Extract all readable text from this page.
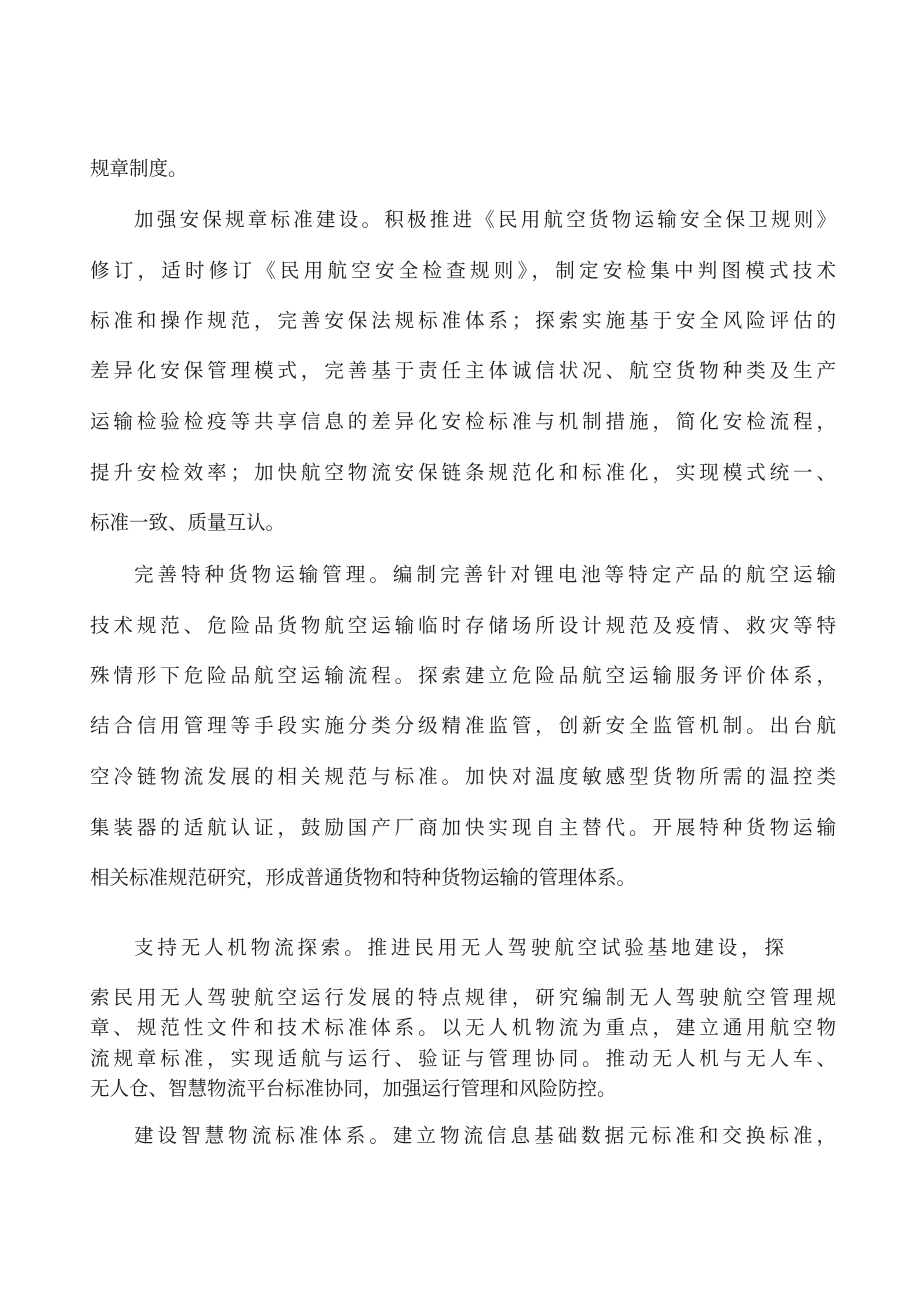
规章制度。
加强安保规章标准建设。积极推进《民用航空货物运输安全保卫规则》
修订，适时修订《民用航空安全检查规则》，制定安检集中判图模式技术
标准和操作规范，完善安保法规标准体系；探索实施基于安全风险评估的
差异化安保管理模式，完善基于责任主体诚信状况、航空货物种类及生产
运输检验检疫等共享信息的差异化安检标准与机制措施，简化安检流程，
提升安检效率；加快航空物流安保链条规范化和标准化，实现模式统一、
标准一致、质量互认。
完善特种货物运输管理。编制完善针对锂电池等特定产品的航空运输
技术规范、危险品货物航空运输临时存储场所设计规范及疫情、救灾等特
殊情形下危险品航空运输流程。探索建立危险品航空运输服务评价体系，
结合信用管理等手段实施分类分级精准监管，创新安全监管机制。出台航
空冷链物流发展的相关规范与标准。加快对温度敏感型货物所需的温控类
集装器的适航认证，鼓励国产厂商加快实现自主替代。开展特种货物运输
相关标准规范研究，形成普通货物和特种货物运输的管理体系。
支持无人机物流探索。推进民用无人驾驶航空试验基地建设，探
索民用无人驾驶航空运行发展的特点规律，研究编制无人驾驶航空管理规
章、规范性文件和技术标准体系。以无人机物流为重点，建立通用航空物
流规章标准，实现适航与运行、验证与管理协同。推动无人机与无人车、
无人仓、智慧物流平台标准协同，加强运行管理和风险防控。
建设智慧物流标准体系。建立物流信息基础数据元标准和交换标准，
